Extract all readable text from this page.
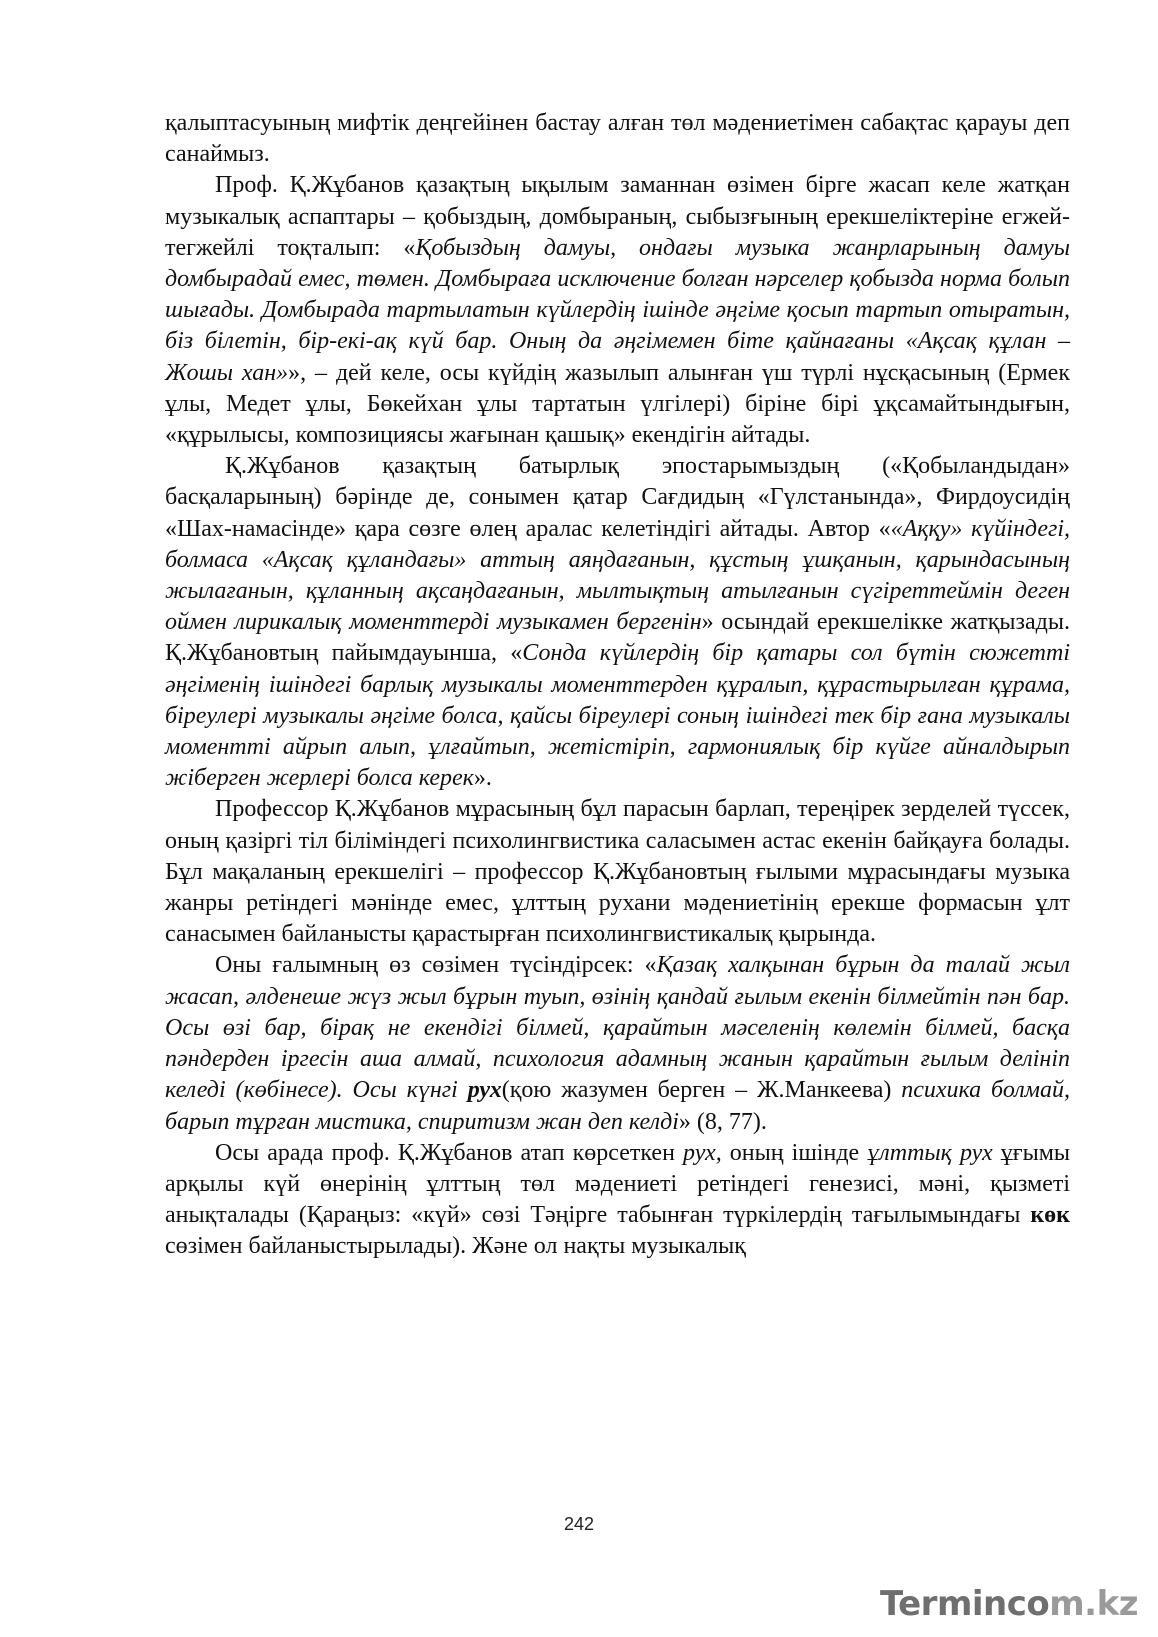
қалыптасуының мифтік деңгейінен бастау алған төл мәдениетімен сабақтас қарауы деп санаймыз.

Проф. Қ.Жұбанов қазақтың ықылым заманнан өзімен бірге жасап келе жатқан музыкалық аспаптары – қобыздың, домбыраның, сыбызғының ерекшеліктеріне егжей-тегжейлі тоқталып: «Қобыздың дамуы, ондағы музыка жанрларының дамуы домбырадай емес, төмен. Домбыраға исключение болған нәрселер қобызда норма болып шығады. Домбырада тартылатын күйлердің ішінде әңгіме қосып тартып отыратын, біз білетін, бір-екі-ақ күй бар. Оның да әңгімемен біте қайнағаны «Ақсақ құлан – Жошы хан»», – дей келе, осы күйдің жазылып алынған үш түрлі нұсқасының (Ермек ұлы, Медет ұлы, Бөкейхан ұлы тартатын үлгілері) біріне бірі ұқсамайтындығын, «құрылысы, композициясы жағынан қашық» екендігін айтады.

Қ.Жұбанов қазақтың батырлық эпостарымыздың («Қобыландыдан» басқаларының) бәрінде де, сонымен қатар Сағдидың «Гүлстанында», Фирдоусидің «Шах-намасінде» қара сөзге өлең аралас келетіндігі айтады. Автор ««Аққу» күйіндегі, болмаса «Ақсақ құландағы» аттың аяңдағанын, құстың ұшқанын, қарындасының жылағанын, құланның ақсаңдағанын, мылтықтың атылғанын сүгіреттеймін деген оймен лирикалық моменттерді музыкамен бергенін» осындай ерекшелікке жатқызады. Қ.Жұбановтың пайымдауынша, «Сонда күйлердің бір қатары сол бүтін сюжетті әңгіменің ішіндегі барлық музыкалы моменттерден құралып, құрастырылған құрама, біреулері музыкалы әңгіме болса, қайсы біреулері соның ішіндегі тек бір ғана музыкалы моментті айрып алып, ұлғайтып, жетістіріп, гармониялық бір күйге айналдырып жіберген жерлері болса керек».

Профессор Қ.Жұбанов мұрасының бұл парасын барлап, тереңірек зерделей түссек, оның қазіргі тіл біліміндегі психолингвистика саласымен астас екенін байқауға болады. Бұл мақаланың ерекшелігі – профессор Қ.Жұбановтың ғылыми мұрасындағы музыка жанры ретіндегі мәнінде емес, ұлттың рухани мәдениетінің ерекше формасын ұлт санасымен байланысты қарастырған психолингвистикалық қырында.

Оны ғалымның өз сөзімен түсіндірсек: «Қазақ халқынан бұрын да талай жыл жасап, әлденеше жүз жыл бұрын туып, өзінің қандай ғылым екенін білмейтін пән бар. Осы өзі бар, бірақ не екендігі білмей, қарайтын мәселенің көлемін білмей, басқа пәндерден іргесін аша алмай, психология адамның жанын қарайтын ғылым делініп келеді (көбінесе). Осы күнгі рух(қою жазумен берген – Ж.Манкеева) психика болмай, барып тұрған мистика, спиритизм жан деп келді» (8, 77).

Осы арада проф. Қ.Жұбанов атап көрсеткен рух, оның ішінде ұлттық рух ұғымы арқылы күй өнерінің ұлттың төл мәдениеті ретіндегі генезисі, мәні, қызметі анықталады (Қараңыз: «күй» сөзі Тәңірге табынған түркілердің тағылымындағы көк сөзімен байланыстырылады). Және ол нақты музыкалық

242
Termincоm.kz
